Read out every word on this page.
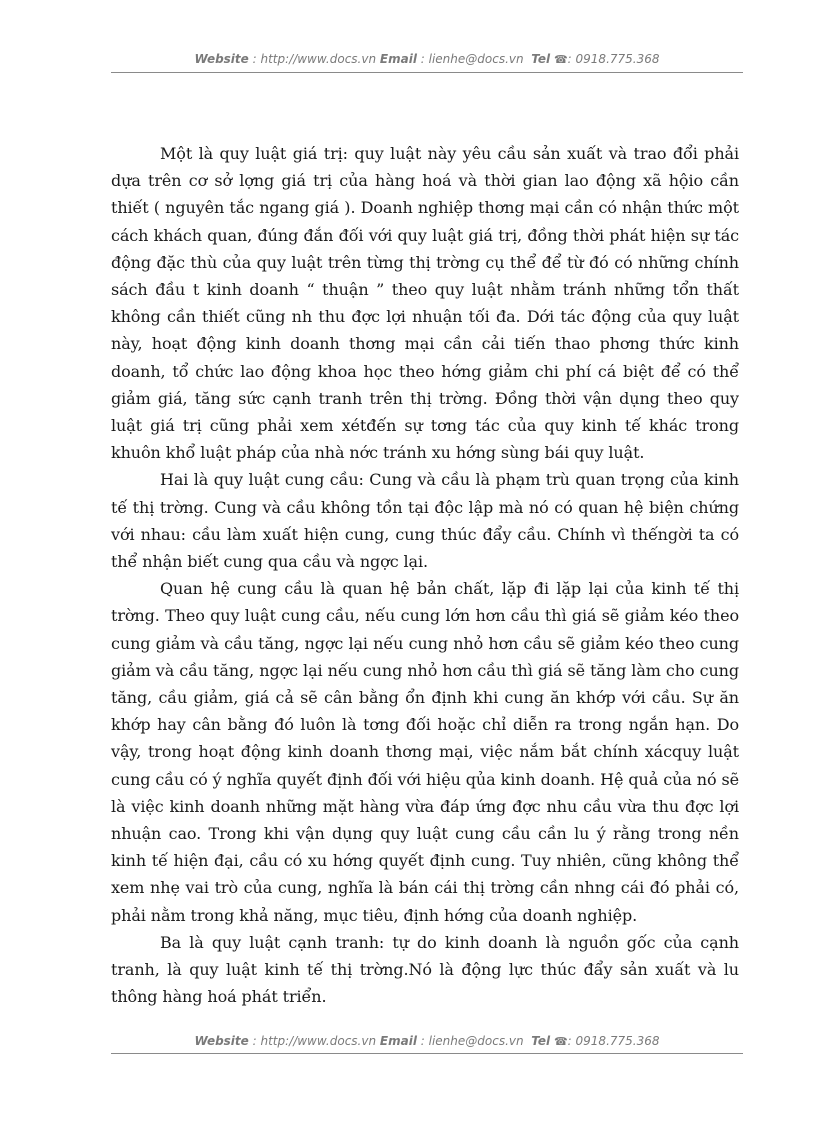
Website : http://www.docs.vn Email : lienhe@docs.vn Tel ☎: 0918.775.368

Một là quy luật giá trị: quy luật này yêu cầu sản xuất và trao đổi phải dựa trên cơ sở lợng giá trị của hàng hoá và thời gian lao động xã hộio cần thiết ( nguyên tắc ngang giá ). Doanh nghiệp thơng mại cần có nhận thức một cách khách quan, đúng đắn đối với quy luật giá trị, đồng thời phát hiện sự tác động đặc thù của quy luật trên từng thị trờng cụ thể để từ đó có những chính sách đầu t kinh doanh “ thuận ” theo quy luật nhằm tránh những tổn thất không cần thiết cũng nh thu đợc lợi nhuận tối đa. Dới tác động của quy luật này, hoạt động kinh doanh thơng mại cần cải tiến thao phơng thức kinh doanh, tổ chức lao động khoa học theo hớng giảm chi phí cá biệt để có thể giảm giá, tăng sức cạnh tranh trên thị trờng. Đồng thời vận dụng theo quy luật giá trị cũng phải xem xétđến sự tơng tác của quy kinh tế khác trong khuôn khổ luật pháp của nhà nớc tránh xu hớng sùng bái quy luật.

Hai là quy luật cung cầu: Cung và cầu là phạm trù quan trọng của kinh tế thị trờng. Cung và cầu không tồn tại độc lập mà nó có quan hệ biện chứng với nhau: cầu làm xuất hiện cung, cung thúc đẩy cầu. Chính vì thếngời ta có thể nhận biết cung qua cầu và ngợc lại.

Quan hệ cung cầu là quan hệ bản chất, lặp đi lặp lại của kinh tế thị trờng. Theo quy luật cung cầu, nếu cung lớn hơn cầu thì giá sẽ giảm kéo theo cung giảm và cầu tăng, ngợc lại nếu cung nhỏ hơn cầu sẽ giảm kéo theo cung giảm và cầu tăng, ngợc lại nếu cung nhỏ hơn cầu thì giá sẽ tăng làm cho cung tăng, cầu giảm, giá cả sẽ cân bằng ổn định khi cung ăn khớp với cầu. Sự ăn khớp hay cân bằng đó luôn là tơng đối hoặc chỉ diễn ra trong ngắn hạn. Do vậy, trong hoạt động kinh doanh thơng mại, việc nắm bắt chính xácquy luật cung cầu có ý nghĩa quyết định đối với hiệu qủa kinh doanh. Hệ quả của nó sẽ là việc kinh doanh những mặt hàng vừa đáp ứng đợc nhu cầu vừa thu đợc lợi nhuận cao. Trong khi vận dụng quy luật cung cầu cần lu ý rằng trong nền kinh tế hiện đại, cầu có xu hớng quyết định cung. Tuy nhiên, cũng không thể xem nhẹ vai trò của cung, nghĩa là bán cái thị trờng cần nhng cái đó phải có, phải nằm trong khả năng, mục tiêu, định hớng của doanh nghiệp.

Ba là quy luật cạnh tranh: tự do kinh doanh là nguồn gốc của cạnh tranh, là quy luật kinh tế thị trờng.Nó là động lực thúc đẩy sản xuất và lu thông hàng hoá phát triển.

Website : http://www.docs.vn Email : lienhe@docs.vn Tel ☎: 0918.775.368
